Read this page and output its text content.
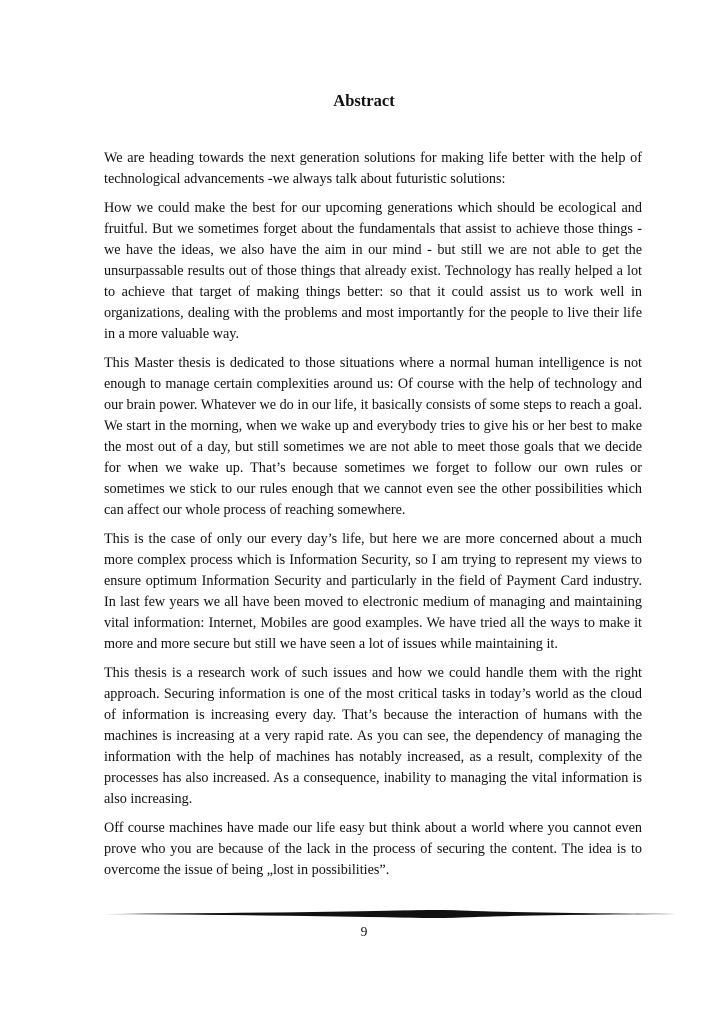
Abstract

We are heading towards the next generation solutions for making life better with the help of technological advancements -we always talk about futuristic solutions:

How we could make the best for our upcoming generations which should be ecological and fruitful. But we sometimes forget about the fundamentals that assist to achieve those things - we have the ideas, we also have the aim in our mind - but still we are not able to get the unsurpassable results out of those things that already exist. Technology has really helped a lot to achieve that target of making things better: so that it could assist us to work well in organizations, dealing with the problems and most importantly for the people to live their life in a more valuable way.

This Master thesis is dedicated to those situations where a normal human intelligence is not enough to manage certain complexities around us: Of course with the help of technology and our brain power. Whatever we do in our life, it basically consists of some steps to reach a goal. We start in the morning, when we wake up and everybody tries to give his or her best to make the most out of a day, but still sometimes we are not able to meet those goals that we decide for when we wake up. That’s because sometimes we forget to follow our own rules or sometimes we stick to our rules enough that we cannot even see the other possibilities which can affect our whole process of reaching somewhere.

This is the case of only our every day’s life, but here we are more concerned about a much more complex process which is Information Security, so I am trying to represent my views to ensure optimum Information Security and particularly in the field of Payment Card industry. In last few years we all have been moved to electronic medium of managing and maintaining vital information: Internet, Mobiles are good examples. We have tried all the ways to make it more and more secure but still we have seen a lot of issues while maintaining it.

This thesis is a research work of such issues and how we could handle them with the right approach. Securing information is one of the most critical tasks in today’s world as the cloud of information is increasing every day. That’s because the interaction of humans with the machines is increasing at a very rapid rate. As you can see, the dependency of managing the information with the help of machines has notably increased, as a result, complexity of the processes has also increased. As a consequence, inability to managing the vital information is also increasing.

Off course machines have made our life easy but think about a world where you cannot even prove who you are because of the lack in the process of securing the content. The idea is to overcome the issue of being „lost in possibilities”.

9
